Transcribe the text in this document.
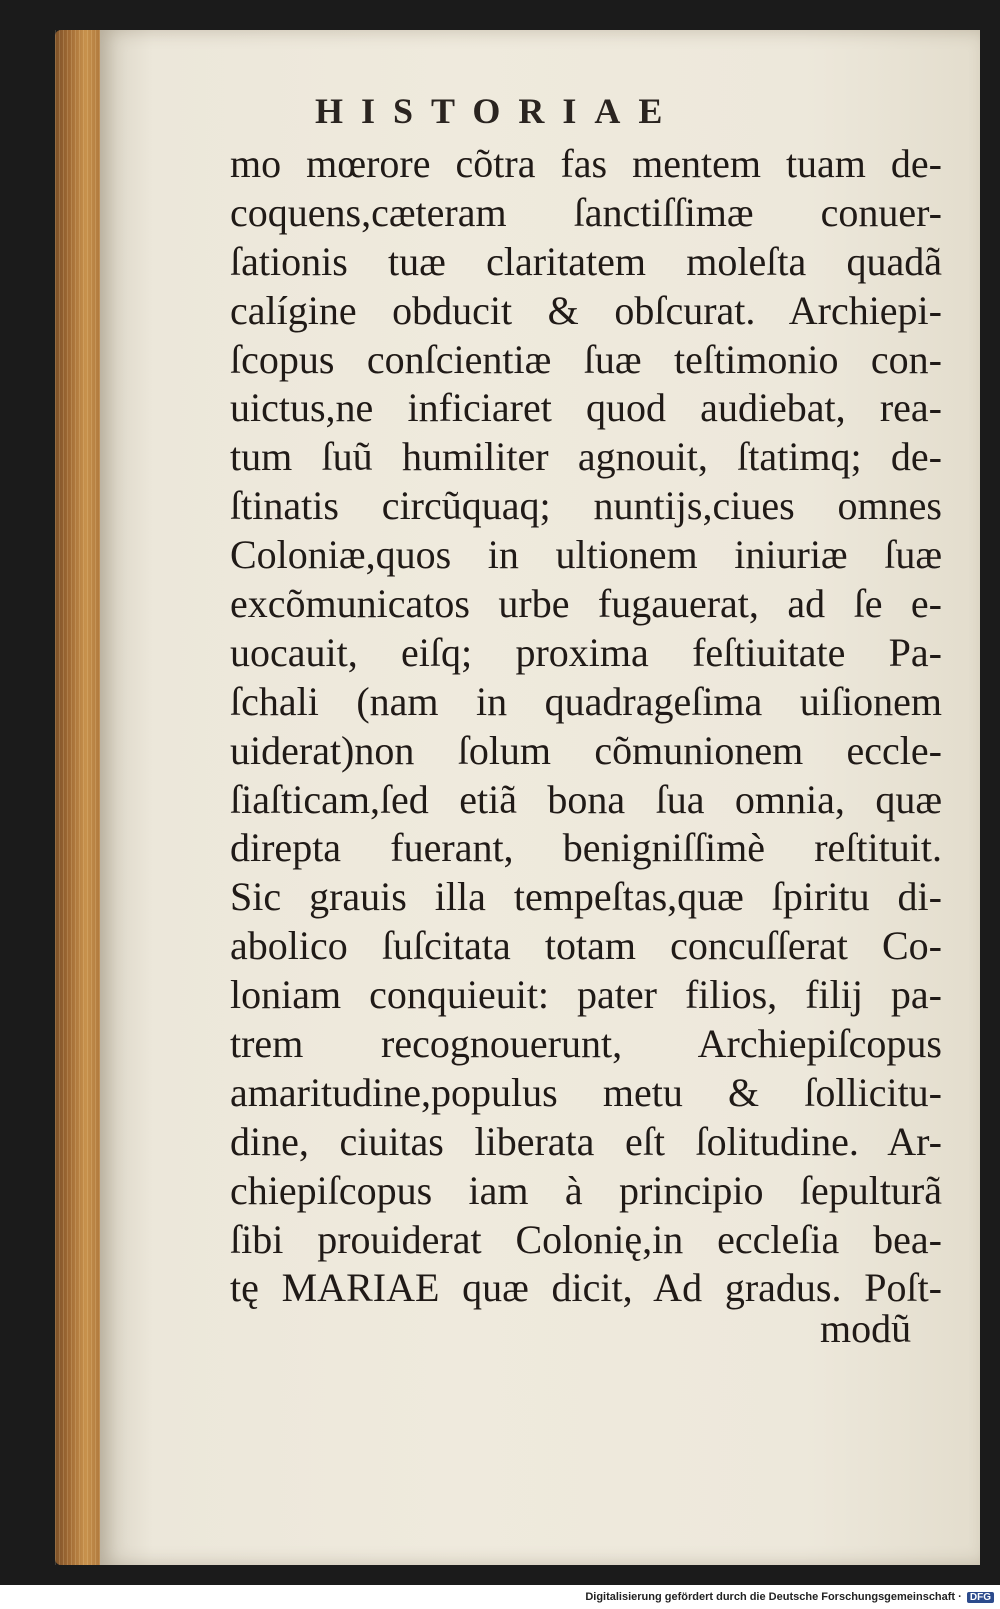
HISTORIAE
mo mœrore cõtra fas mentem tuam de-
coquens,cæteram ſanctiſſimæ conuer-
ſationis tuæ claritatem moleſta quadã
calígine obducit & obſcurat. Archiepi-
ſcopus conſcientiæ ſuæ teſtimonio con-
uictus,ne inficiaret quod audiebat, rea-
tum ſuũ humiliter agnouit, ſtatimq; de-
ſtinatis circũquaq; nuntijs,ciues omnes
Coloniæ,quos in ultionem iniuriæ ſuæ
excõmunicatos urbe fugauerat, ad ſe e-
uocauit, eiſq; proxima feſtiuitate Pa-
ſchali (nam in quadrageſima uiſionem
uiderat)non ſolum cõmunionem eccle-
ſiaſticam,ſed etiã bona ſua omnia, quæ
direpta fuerant, benigniſſimè reſtituit.
Sic grauis illa tempeſtas,quæ ſpiritu di-
abolico ſuſcitata totam concuſſerat Co-
loniam conquieuit: pater filios, filij pa-
trem recognouerunt, Archiepiſcopus
amaritudine,populus metu & ſollicitu-
dine, ciuitas liberata eſt ſolitudine. Ar-
chiepiſcopus iam à principio ſepulturã
ſibi prouiderat Colonię,in eccleſia bea-
tę MARIAE quæ dicit, Ad gradus. Poſt-
modũ
Digitalisierung gefördert durch die Deutsche Forschungsgemeinschaft · DFG
